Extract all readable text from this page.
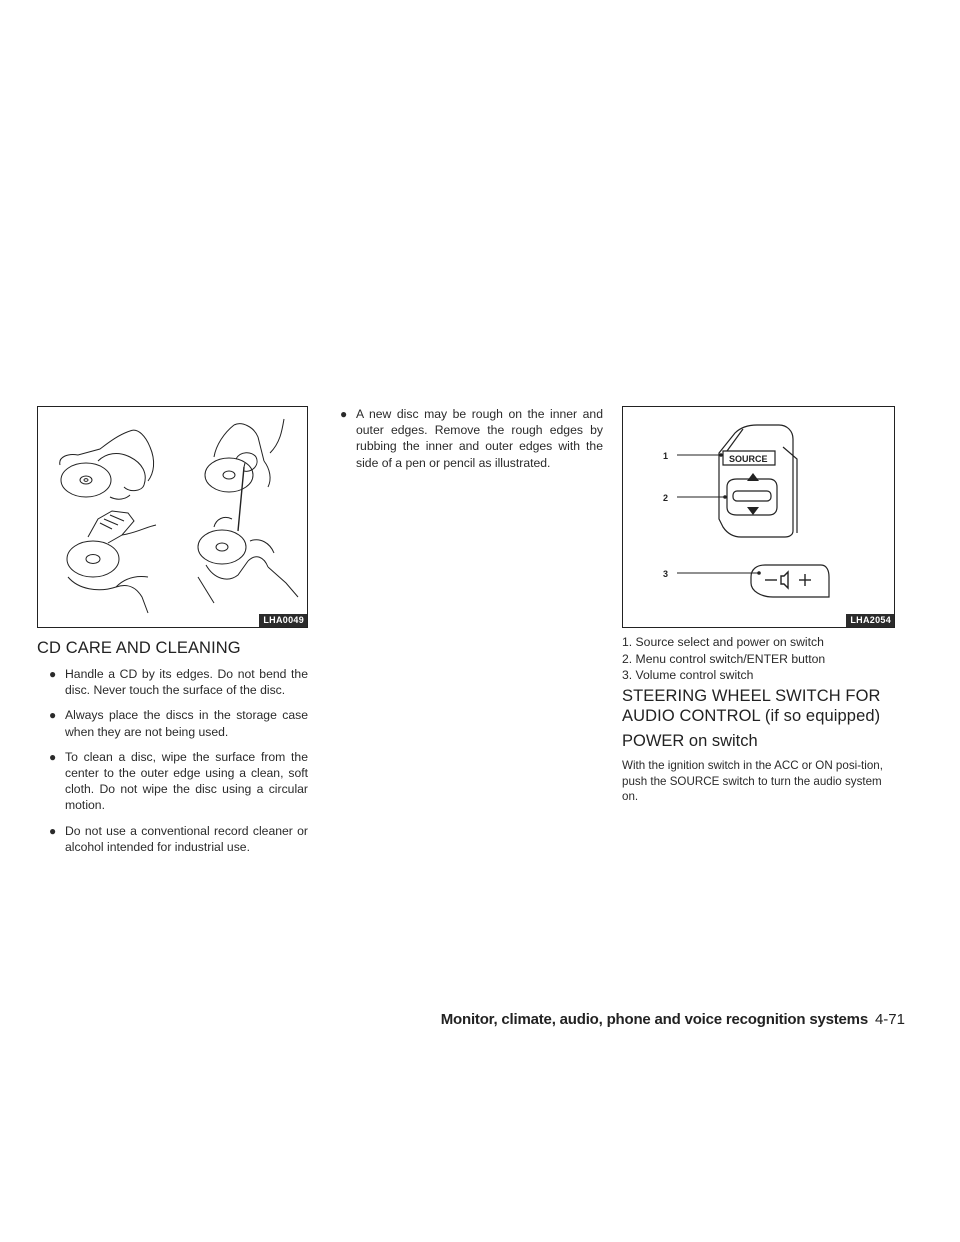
LHA0049
CD CARE AND CLEANING
● Handle a CD by its edges. Do not bend the disc. Never touch the surface of the disc.
● Always place the discs in the storage case when they are not being used.
● To clean a disc, wipe the surface from the center to the outer edge using a clean, soft cloth. Do not wipe the disc using a circular motion.
● Do not use a conventional record cleaner or alcohol intended for industrial use.
● A new disc may be rough on the inner and outer edges. Remove the rough edges by rubbing the inner and outer edges with the side of a pen or pencil as illustrated.	SOURCE
1
2
3
LHA2054
1. Source select and power on switch
2. Menu control switch/ENTER button
3. Volume control switch
STEERING WHEEL SWITCH FOR
AUDIO CONTROL (if so equipped)
POWER on switch

With the ignition switch in the ACC or ON posi-tion, push the SOURCE switch to turn the audio system on.

Monitor, climate, audio, phone and voice recognition systems 4-71
